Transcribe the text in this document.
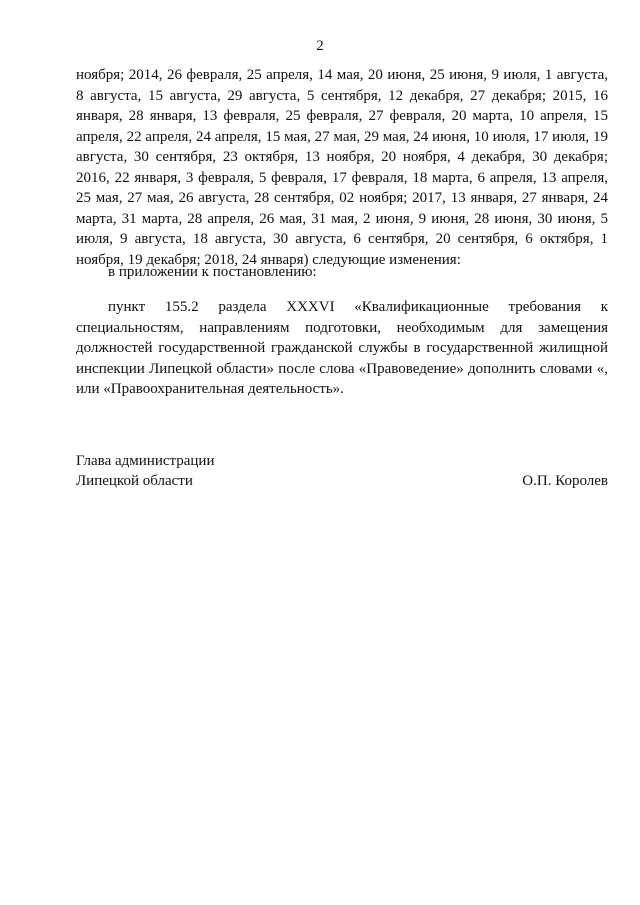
2

ноября; 2014, 26 февраля, 25 апреля, 14 мая, 20 июня, 25 июня, 9 июля, 1 августа, 8 августа, 15 августа, 29 августа, 5 сентября, 12 декабря, 27 декабря; 2015, 16 января, 28 января, 13 февраля, 25 февраля, 27 февраля, 20 марта, 10 апреля, 15 апреля, 22 апреля, 24 апреля, 15 мая, 27 мая, 29 мая, 24 июня, 10 июля, 17 июля, 19 августа, 30 сентября, 23 октября, 13 ноября, 20 ноября, 4 декабря, 30 декабря; 2016, 22 января, 3 февраля, 5 февраля, 17 февраля, 18 марта, 6 апреля, 13 апреля, 25 мая, 27 мая, 26 августа, 28 сентября, 02 ноября; 2017, 13 января, 27 января, 24 марта, 31 марта, 28 апреля, 26 мая, 31 мая, 2 июня, 9 июня, 28 июня, 30 июня, 5 июля, 9 августа, 18 августа, 30 августа, 6 сентября, 20 сентября, 6 октября, 1 ноября, 19 декабря; 2018, 24 января) следующие изменения:

в приложении к постановлению:

пункт 155.2 раздела XXXVI «Квалификационные требования к специальностям, направлениям подготовки, необходимым для замещения должностей государственной гражданской службы в государственной жилищной инспекции Липецкой области» после слова «Правоведение» дополнить словами «, или «Правоохранительная деятельность».

Глава администрации
Липецкой области	О.П. Королев
